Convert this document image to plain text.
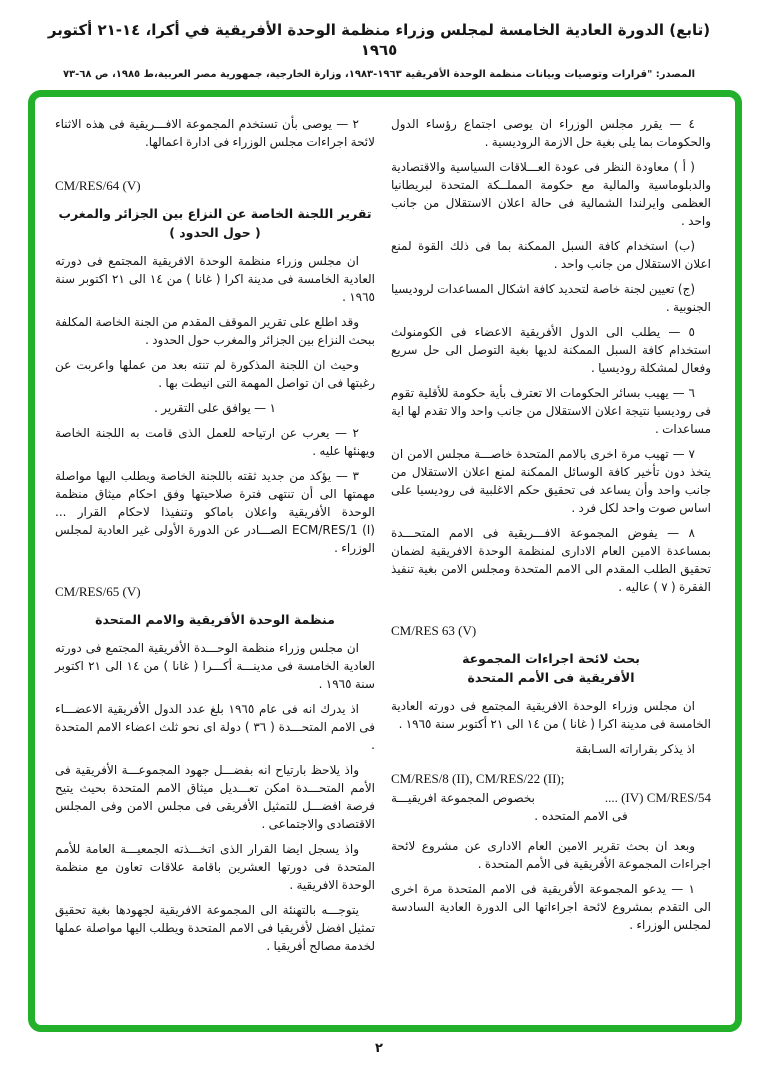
(تابع) الدورة العادية الخامسة لمجلس وزراء منظمة الوحدة الأفريقية في أكرا، ١٤-٢١ أكتوبر ١٩٦٥
المصدر: "قرارات وتوصيات وبيانات منظمة الوحدة الأفريقية ١٩٦٣-١٩٨٣، وزارة الخارجية، جمهورية مصر العربية،ط ١٩٨٥، ص ٦٨-٧٣

٤ — يقرر مجلس الوزراء ان يوصى اجتماع رؤساء الدول والحكومات بما يلى بغية حل الازمة الروديسية .

( أ ) معاودة النظر فى عودة العـــلاقات السياسية والاقتصادية والدبلوماسية والمالية مع حكومة المملــكة المتحدة لبريطانيا العظمى وايرلندا الشمالية فى حالة اعلان الاستقلال من جانب واحد .

(ب) استخدام كافة السبل الممكنة بما فى ذلك القوة لمنع اعلان الاستقلال من جانب واحد .

(ج) تعيين لجنة خاصة لتحديد كافة اشكال المساعدات لروديسيا الجنوبية .

٥ — يطلب الى الدول الأفريقية الاعضاء فى الكومنولث استخدام كافة السبل الممكنة لديها بغية التوصل الى حل سريع وفعال لمشكلة روديسيا .

٦ — يهيب بسائر الحكومات الا تعترف بأية حكومة للأقلية تقوم فى روديسيا نتيجة اعلان الاستقلال من جانب واحد والا تقدم لها اية مساعدات .

٧ — تهيب مرة اخرى بالامم المتحدة خاصـــة مجلس الامن ان يتخذ دون تأخير كافة الوسائل الممكنة لمنع اعلان الاستقلال من جانب واحد وأن يساعد فى تحقيق حكم الاغلبية فى روديسيا على اساس صوت واحد لكل فرد .

٨ — يفوض المجموعة الافـــريقية فى الامم المتحـــدة بمساعدة الامين العام الادارى لمنظمة الوحدة الافريقية لضمان تحقيق الطلب المقدم الى الامم المتحدة ومجلس الامن بغية تنفيذ الفقرة ( ٧ ) عاليه .

CM/RES 63 (V)

بحث لائحة اجراءات المجموعة
الأفريقية فى الأمم المتحدة

ان مجلس وزراء الوحدة الافريقية المجتمع فى دورته العادية الخامسة فى مدينة اكرا ( غانا ) من ١٤ الى ٢١ أكتوبر سنة ١٩٦٥ .

اذ يذكر بقراراته السـابقة

CM/RES/8 (II), CM/RES/22 (II);

.... (IV) CM/RES/54
بخصوص المجموعة افريقيـــة

فى الامم المتحده .

وبعد ان بحث تقرير الامين العام الادارى عن مشروع لائحة اجراءات المجموعة الأفريقية فى الأمم المتحدة .

١ — يدعو المجموعة الأفريقية فى الامم المتحدة مرة اخرى الى التقدم بمشروع لائحة اجراءاتها الى الدورة العادية السادسة لمجلس الوزراء .

٢ — يوصى بأن تستخدم المجموعة الافـــريقية فى هذه الاثناء لائحة اجراءات مجلس الوزراء فى ادارة اعمالها.

CM/RES/64 (V)

تقرير اللجنة الخاصة عن النزاع بين الجزائر والمغرب
( حول الحدود )

ان مجلس وزراء منظمة الوحدة الافريقية المجتمع فى دورته العادية الخامسة فى مدينة اكرا ( غانا ) من ١٤ الى ٢١ اكتوبر سنة ١٩٦٥ .

وقد اطلع على تقرير الموقف المقدم من الجنة الخاصة المكلفة ببحث النزاع بين الجزائر والمغرب حول الحدود .

وحيث ان اللجنة المذكورة لم تنته بعد من عملها واعربت عن رغبتها فى ان تواصل المهمة التى انيطت بها .

١ — يوافق على التقرير .

٢ — يعرب عن ارتياحه للعمل الذى قامت به اللجنة الخاصة ويهنئها عليه .

٣ — يؤكد من جديد ثقته باللجنة الخاصة ويطلب اليها مواصلة مهمتها الى أن تنتهى فترة صلاحيتها وفق احكام ميثاق منظمة الوحدة الأفريقية واعلان باماكو وتنفيذا لاحكام القرار ... ECM/RES/1 (I) الصـــادر عن الدورة الأولى غير العادية لمجلس الوزراء .

CM/RES/65 (V)

منظمة الوحدة الأفريقية والامم المتحدة

ان مجلس وزراء منظمة الوحـــدة الأفريقية المجتمع فى دورته العادية الخامسة فى مدينـــة أكـــرا ( غانا ) من ١٤ الى ٢١ اكتوبر سنة ١٩٦٥ .

اذ يدرك انه فى عام ١٩٦٥ بلغ عدد الدول الأفريقية الاعضـــاء فى الامم المتحـــدة ( ٣٦ ) دولة اى نحو ثلث اعضاء الامم المتحدة .

واذ يلاحظ بارتياح انه بفضـــل جهود المجموعـــة الأفريقية فى الأمم المتحـــدة امكن تعـــديل ميثاق الامم المتحدة بحيث يتيح فرصة افضـــل للتمثيل الأفريقى فى مجلس الامن وفى المجلس الاقتصادى والاجتماعى .

واذ يسجل ايضا القرار الذى اتخـــذته الجمعيـــة العامة للأمم المتحدة فى دورتها العشرين باقامة علاقات تعاون مع منظمة الوحدة الافريقية .

يتوجـــه بالتهنئة الى المجموعة الافريقية لجهودها بغية تحقيق تمثيل افضل لأفريقيا فى الامم المتحدة ويطلب اليها مواصلة عملها لخدمة مصالح أفريقيا .

٢
